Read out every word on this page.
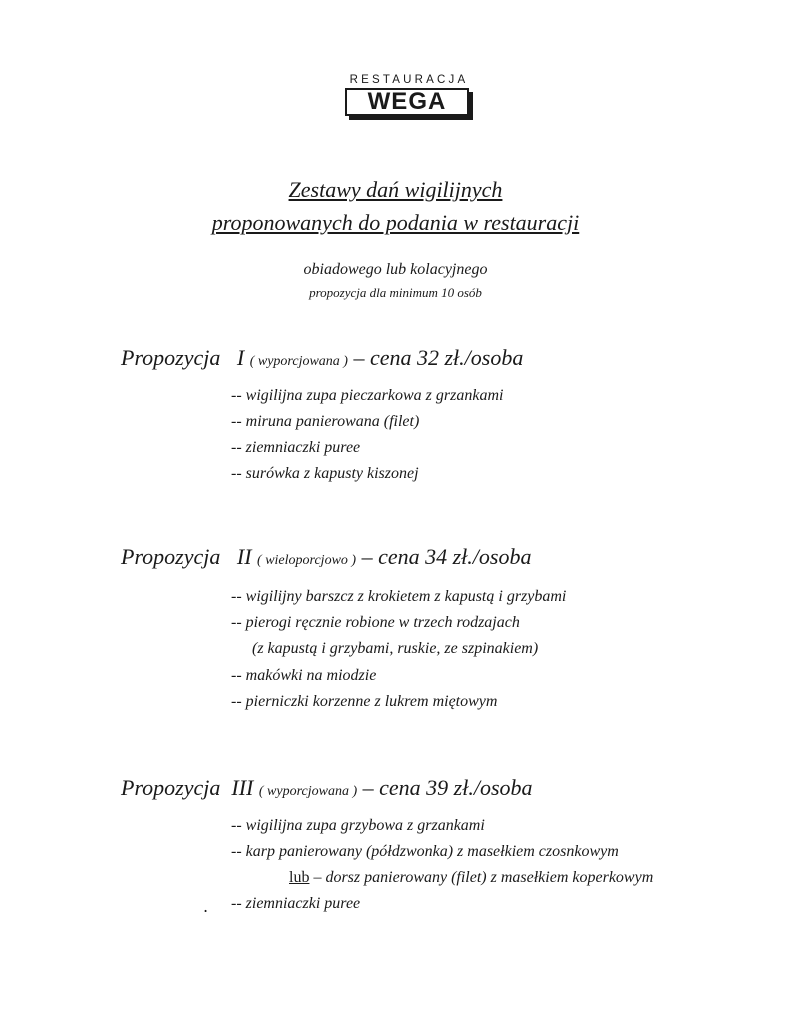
RESTAURACJA
WEGA
Zestawy dań wigilijnych
proponowanych do podania w restauracji
obiadowego lub kolacyjnego
propozycja dla minimum 10 osób
Propozycja   I ( wyporcjowana ) – cena 32 zł./osoba
-- wigilijna zupa pieczarkowa z grzankami
-- miruna panierowana (filet)
-- ziemniaczki puree
-- surówka z kapusty kiszonej
Propozycja   II ( wieloporcjowo ) – cena 34 zł./osoba
-- wigilijny barszcz z krokietem z kapustą i grzybami
-- pierogi ręcznie robione w trzech rodzajach
(z kapustą i grzybami, ruskie, ze szpinakiem)
-- makówki na miodzie
-- pierniczki korzenne z lukrem miętowym
Propozycja  III ( wyporcjowana ) – cena 39 zł./osoba
-- wigilijna zupa grzybowa z grzankami
-- karp panierowany (półdzwonka) z masełkiem czosnkowym
lub – dorsz panierowany (filet) z masełkiem koperkowym
. -- ziemniaczki puree
